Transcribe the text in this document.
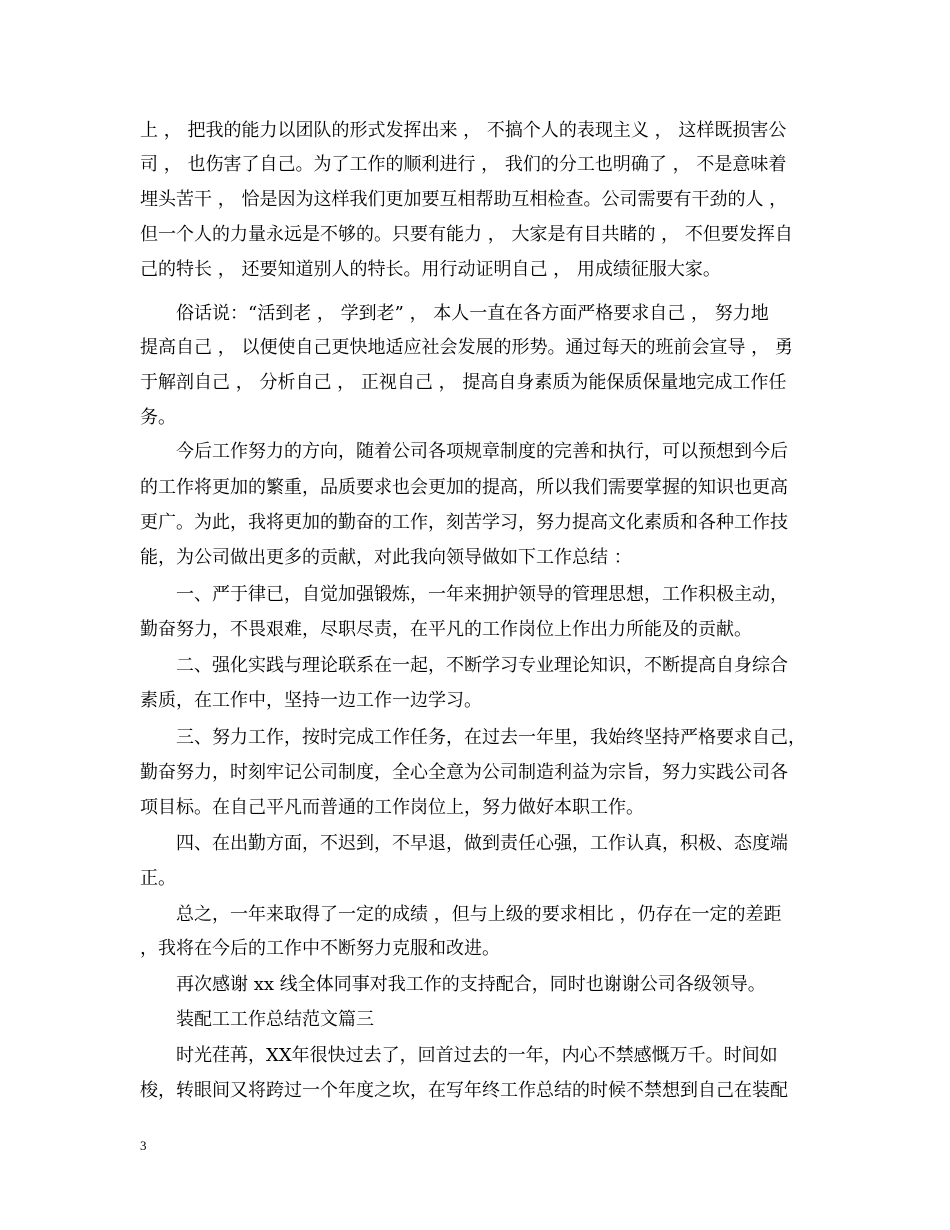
上 ， 把我的能力以团队的形式发挥出来 ， 不搞个人的表现主义 ， 这样既损害公
司 ， 也伤害了自己。为了工作的顺利进行 ， 我们的分工也明确了 ， 不是意味着
埋头苦干 ， 恰是因为这样我们更加要互相帮助互相检查。公司需要有干劲的人 ，
但一个人的力量永远是不够的。只要有能力 ， 大家是有目共睹的 ， 不但要发挥自
己的特长 ， 还要知道别人的特长。用行动证明自己 ， 用成绩征服大家。
俗话说：“活到老 ， 学到老” ， 本人一直在各方面严格要求自己 ， 努力地
提高自己 ， 以便使自己更快地适应社会发展的形势。通过每天的班前会宣导 ， 勇
于解剖自己 ， 分析自己 ， 正视自己 ， 提高自身素质为能保质保量地完成工作任
务。
今后工作努力的方向，随着公司各项规章制度的完善和执行，可以预想到今后
的工作将更加的繁重，品质要求也会更加的提高，所以我们需要掌握的知识也更高
更广。为此，我将更加的勤奋的工作，刻苦学习，努力提高文化素质和各种工作技
能，为公司做出更多的贡献，对此我向领导做如下工作总结 ：
一、严于律已，自觉加强锻炼，一年来拥护领导的管理思想，工作积极主动，
勤奋努力，不畏艰难，尽职尽责，在平凡的工作岗位上作出力所能及的贡献。
二、强化实践与理论联系在一起，不断学习专业理论知识，不断提高自身综合
素质，在工作中，坚持一边工作一边学习。
三、努力工作，按时完成工作任务，在过去一年里，我始终坚持严格要求自己，
勤奋努力，时刻牢记公司制度，全心全意为公司制造利益为宗旨，努力实践公司各
项目标。在自己平凡而普通的工作岗位上，努力做好本职工作。
四、在出勤方面，不迟到，不早退，做到责任心强，工作认真，积极、态度端
正。
总之，一年来取得了一定的成绩 ，但与上级的要求相比 ，仍存在一定的差距
，我将在今后的工作中不断努力克服和改进。
再次感谢 xx 线全体同事对我工作的支持配合，同时也谢谢公司各级领导。
装配工工作总结范文篇三
时光荏苒，XX年很快过去了，回首过去的一年，内心不禁感慨万千。时间如
梭，转眼间又将跨过一个年度之坎，在写年终工作总结的时候不禁想到自己在装配
3
